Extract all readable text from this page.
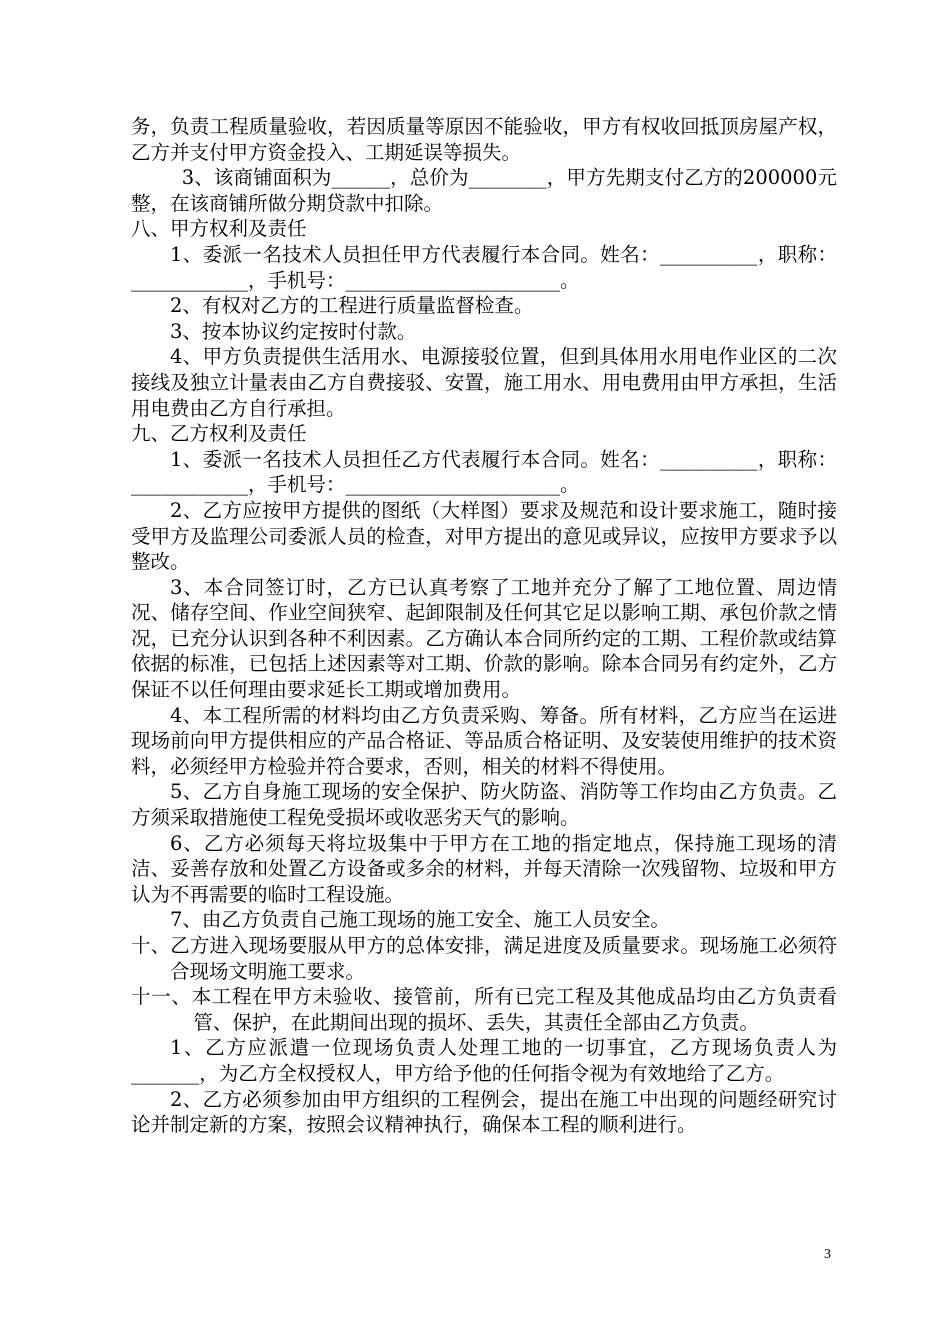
务，负责工程质量验收，若因质量等原因不能验收，甲方有权收回抵顶房屋产权，乙方并支付甲方资金投入、工期延误等损失。

3、该商铺面积为______，总价为________，甲方先期支付乙方的200000元整，在该商铺所做分期贷款中扣除。

八、甲方权利及责任

1、委派一名技术人员担任甲方代表履行本合同。姓名：__________，职称：____________，手机号：______________________。

2、有权对乙方的工程进行质量监督检查。

3、按本协议约定按时付款。

4、甲方负责提供生活用水、电源接驳位置，但到具体用水用电作业区的二次接线及独立计量表由乙方自费接驳、安置，施工用水、用电费用由甲方承担，生活用电费由乙方自行承担。

九、乙方权利及责任

1、委派一名技术人员担任乙方代表履行本合同。姓名：__________，职称：____________，手机号：______________________。

2、乙方应按甲方提供的图纸（大样图）要求及规范和设计要求施工，随时接受甲方及监理公司委派人员的检查，对甲方提出的意见或异议，应按甲方要求予以整改。

3、本合同签订时，乙方已认真考察了工地并充分了解了工地位置、周边情况、储存空间、作业空间狭窄、起卸限制及任何其它足以影响工期、承包价款之情况，已充分认识到各种不利因素。乙方确认本合同所约定的工期、工程价款或结算依据的标准，已包括上述因素等对工期、价款的影响。除本合同另有约定外，乙方保证不以任何理由要求延长工期或增加费用。

4、本工程所需的材料均由乙方负责采购、筹备。所有材料，乙方应当在运进现场前向甲方提供相应的产品合格证、等品质合格证明、及安装使用维护的技术资料，必须经甲方检验并符合要求，否则，相关的材料不得使用。

5、乙方自身施工现场的安全保护、防火防盗、消防等工作均由乙方负责。乙方须采取措施使工程免受损坏或收恶劣天气的影响。

6、乙方必须每天将垃圾集中于甲方在工地的指定地点，保持施工现场的清洁、妥善存放和处置乙方设备或多余的材料，并每天清除一次残留物、垃圾和甲方认为不再需要的临时工程设施。

7、由乙方负责自己施工现场的施工安全、施工人员安全。

十、乙方进入现场要服从甲方的总体安排，满足进度及质量要求。现场施工必须符合现场文明施工要求。

十一、本工程在甲方未验收、接管前，所有已完工程及其他成品均由乙方负责看管、保护，在此期间出现的损坏、丢失，其责任全部由乙方负责。

1、乙方应派遣一位现场负责人处理工地的一切事宜，乙方现场负责人为_______，为乙方全权授权人，甲方给予他的任何指令视为有效地给了乙方。

2、乙方必须参加由甲方组织的工程例会，提出在施工中出现的问题经研究讨论并制定新的方案，按照会议精神执行，确保本工程的顺利进行。

3
